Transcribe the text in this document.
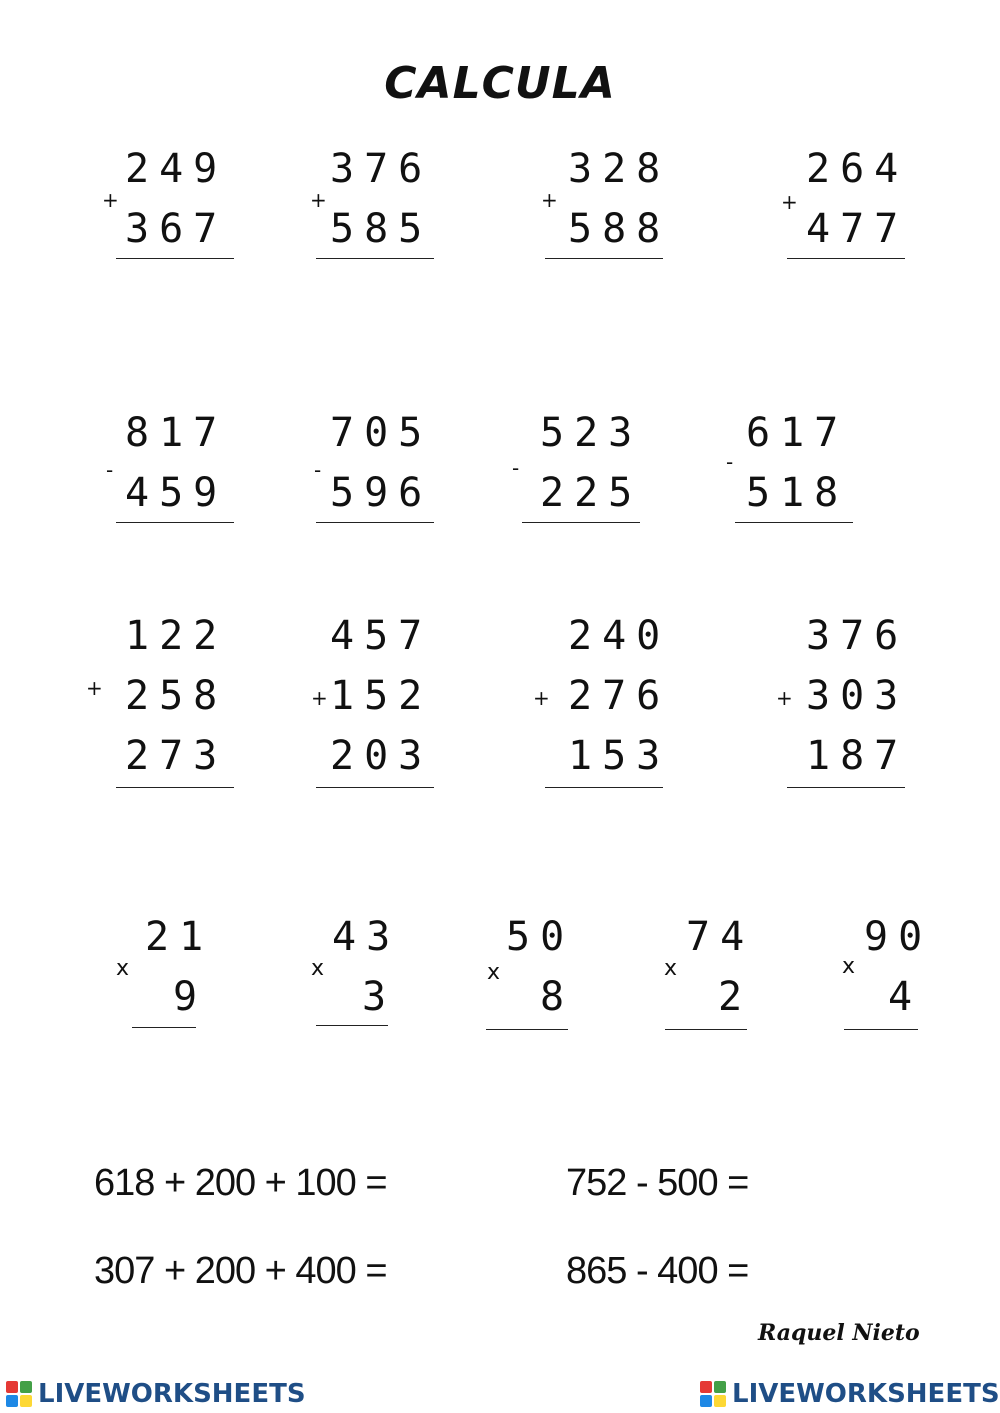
CALCULA
+
249
367
+
376
585
+
328
588
+
264
477
-
817
459	-
705
596
-
523
225
-
617
518
+
122
258
273
+
457
152
203
+
240
276
153
+
376
303
187
x
21
9
x
43
3
x
50
8
x
74
2
x
90
4
618 + 200 + 100 =	752 - 500 =
307 + 200 + 400 =	865 - 400 =
Raquel Nieto
LIVEWORKSHEETS	LIVEWORKSHEETS
